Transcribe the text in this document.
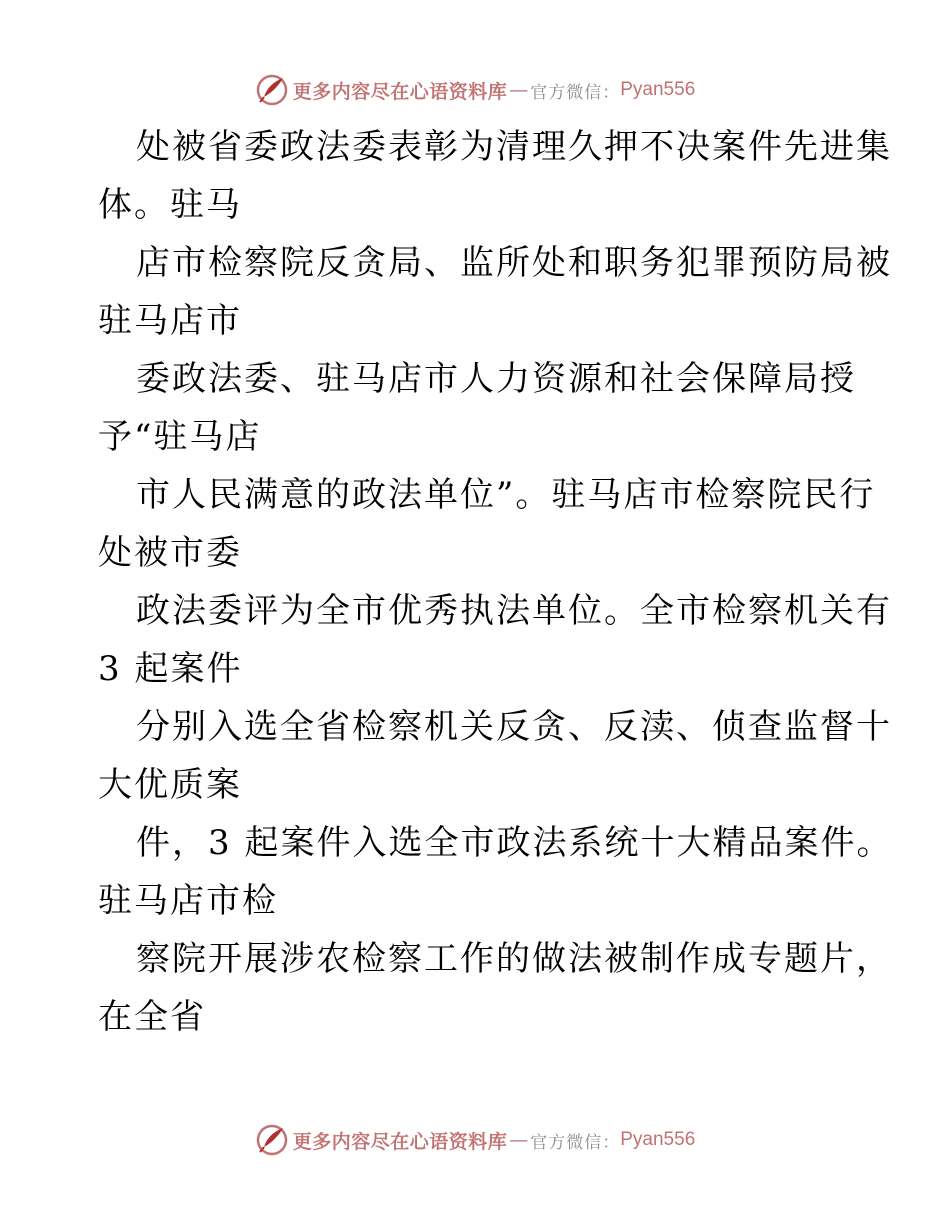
更多内容尽在心语资料库 — 官方微信： Pyan556
处被省委政法委表彰为清理久押不决案件先进集
体。驻马
店市检察院反贪局、监所处和职务犯罪预防局被
驻马店市
委政法委、驻马店市人力资源和社会保障局授
予“驻马店
市人民满意的政法单位”。驻马店市检察院民行
处被市委
政法委评为全市优秀执法单位。全市检察机关有
3 起案件
分别入选全省检察机关反贪、反渎、侦查监督十
大优质案
件，3 起案件入选全市政法系统十大精品案件。
驻马店市检
察院开展涉农检察工作的做法被制作成专题片，
在全省
更多内容尽在心语资料库 — 官方微信： Pyan556
